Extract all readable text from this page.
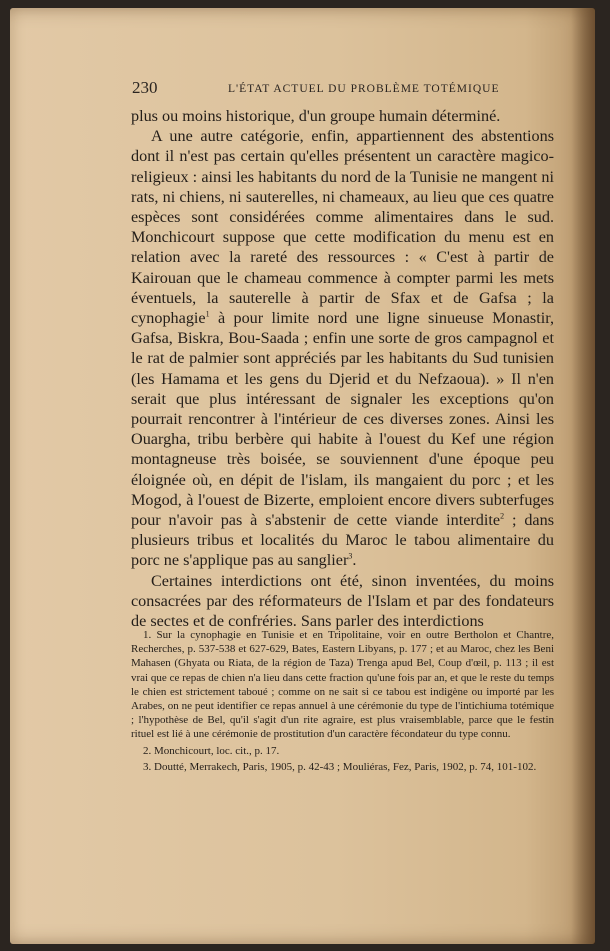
230	L'ÉTAT ACTUEL DU PROBLÈME TOTÉMIQUE

plus ou moins historique, d'un groupe humain déterminé.

A une autre catégorie, enfin, appartiennent des abstentions dont il n'est pas certain qu'elles présentent un caractère magico-religieux : ainsi les habitants du nord de la Tunisie ne mangent ni rats, ni chiens, ni sauterelles, ni chameaux, au lieu que ces quatre espèces sont considérées comme alimentaires dans le sud. Monchicourt suppose que cette modification du menu est en relation avec la rareté des ressources : « C'est à partir de Kairouan que le chameau commence à compter parmi les mets éventuels, la sauterelle à partir de Sfax et de Gafsa ; la cynophagie$^1$ à pour limite nord une ligne sinueuse Monastir, Gafsa, Biskra, Bou-Saada ; enfin une sorte de gros campagnol et le rat de palmier sont appréciés par les habitants du Sud tunisien (les Hamama et les gens du Djerid et du Nefzaoua). » Il n'en serait que plus intéressant de signaler les exceptions qu'on pourrait rencontrer à l'intérieur de ces diverses zones. Ainsi les Ouargha, tribu berbère qui habite à l'ouest du Kef une région montagneuse très boisée, se souviennent d'une époque peu éloignée où, en dépit de l'islam, ils mangaient du porc ; et les Mogod, à l'ouest de Bizerte, emploient encore divers subterfuges pour n'avoir pas à s'abstenir de cette viande interdite$^2$ ; dans plusieurs tribus et localités du Maroc le tabou alimentaire du porc ne s'applique pas au sanglier$^3$.

Certaines interdictions ont été, sinon inventées, du moins consacrées par des réformateurs de l'Islam et par des fondateurs de sectes et de confréries. Sans parler des interdictions

1. Sur la cynophagie en Tunisie et en Tripolitaine, voir en outre Bertholon et Chantre, Recherches, p. 537-538 et 627-629, Bates, Eastern Libyans, p. 177 ; et au Maroc, chez les Beni Mahasen (Ghyata ou Riata, de la région de Taza) Trenga apud Bel, Coup d'œil, p. 113 ; il est vrai que ce repas de chien n'a lieu dans cette fraction qu'une fois par an, et que le reste du temps le chien est strictement taboué ; comme on ne sait si ce tabou est indigène ou importé par les Arabes, on ne peut identifier ce repas annuel à une cérémonie du type de l'intichiuma totémique ; l'hypothèse de Bel, qu'il s'agit d'un rite agraire, est plus vraisemblable, parce que le festin rituel est lié à une cérémonie de prostitution d'un caractère fécondateur du type connu.

2. Monchicourt, loc. cit., p. 17.

3. Doutté, Merrakech, Paris, 1905, p. 42-43 ; Mouliéras, Fez, Paris, 1902, p. 74, 101-102.
